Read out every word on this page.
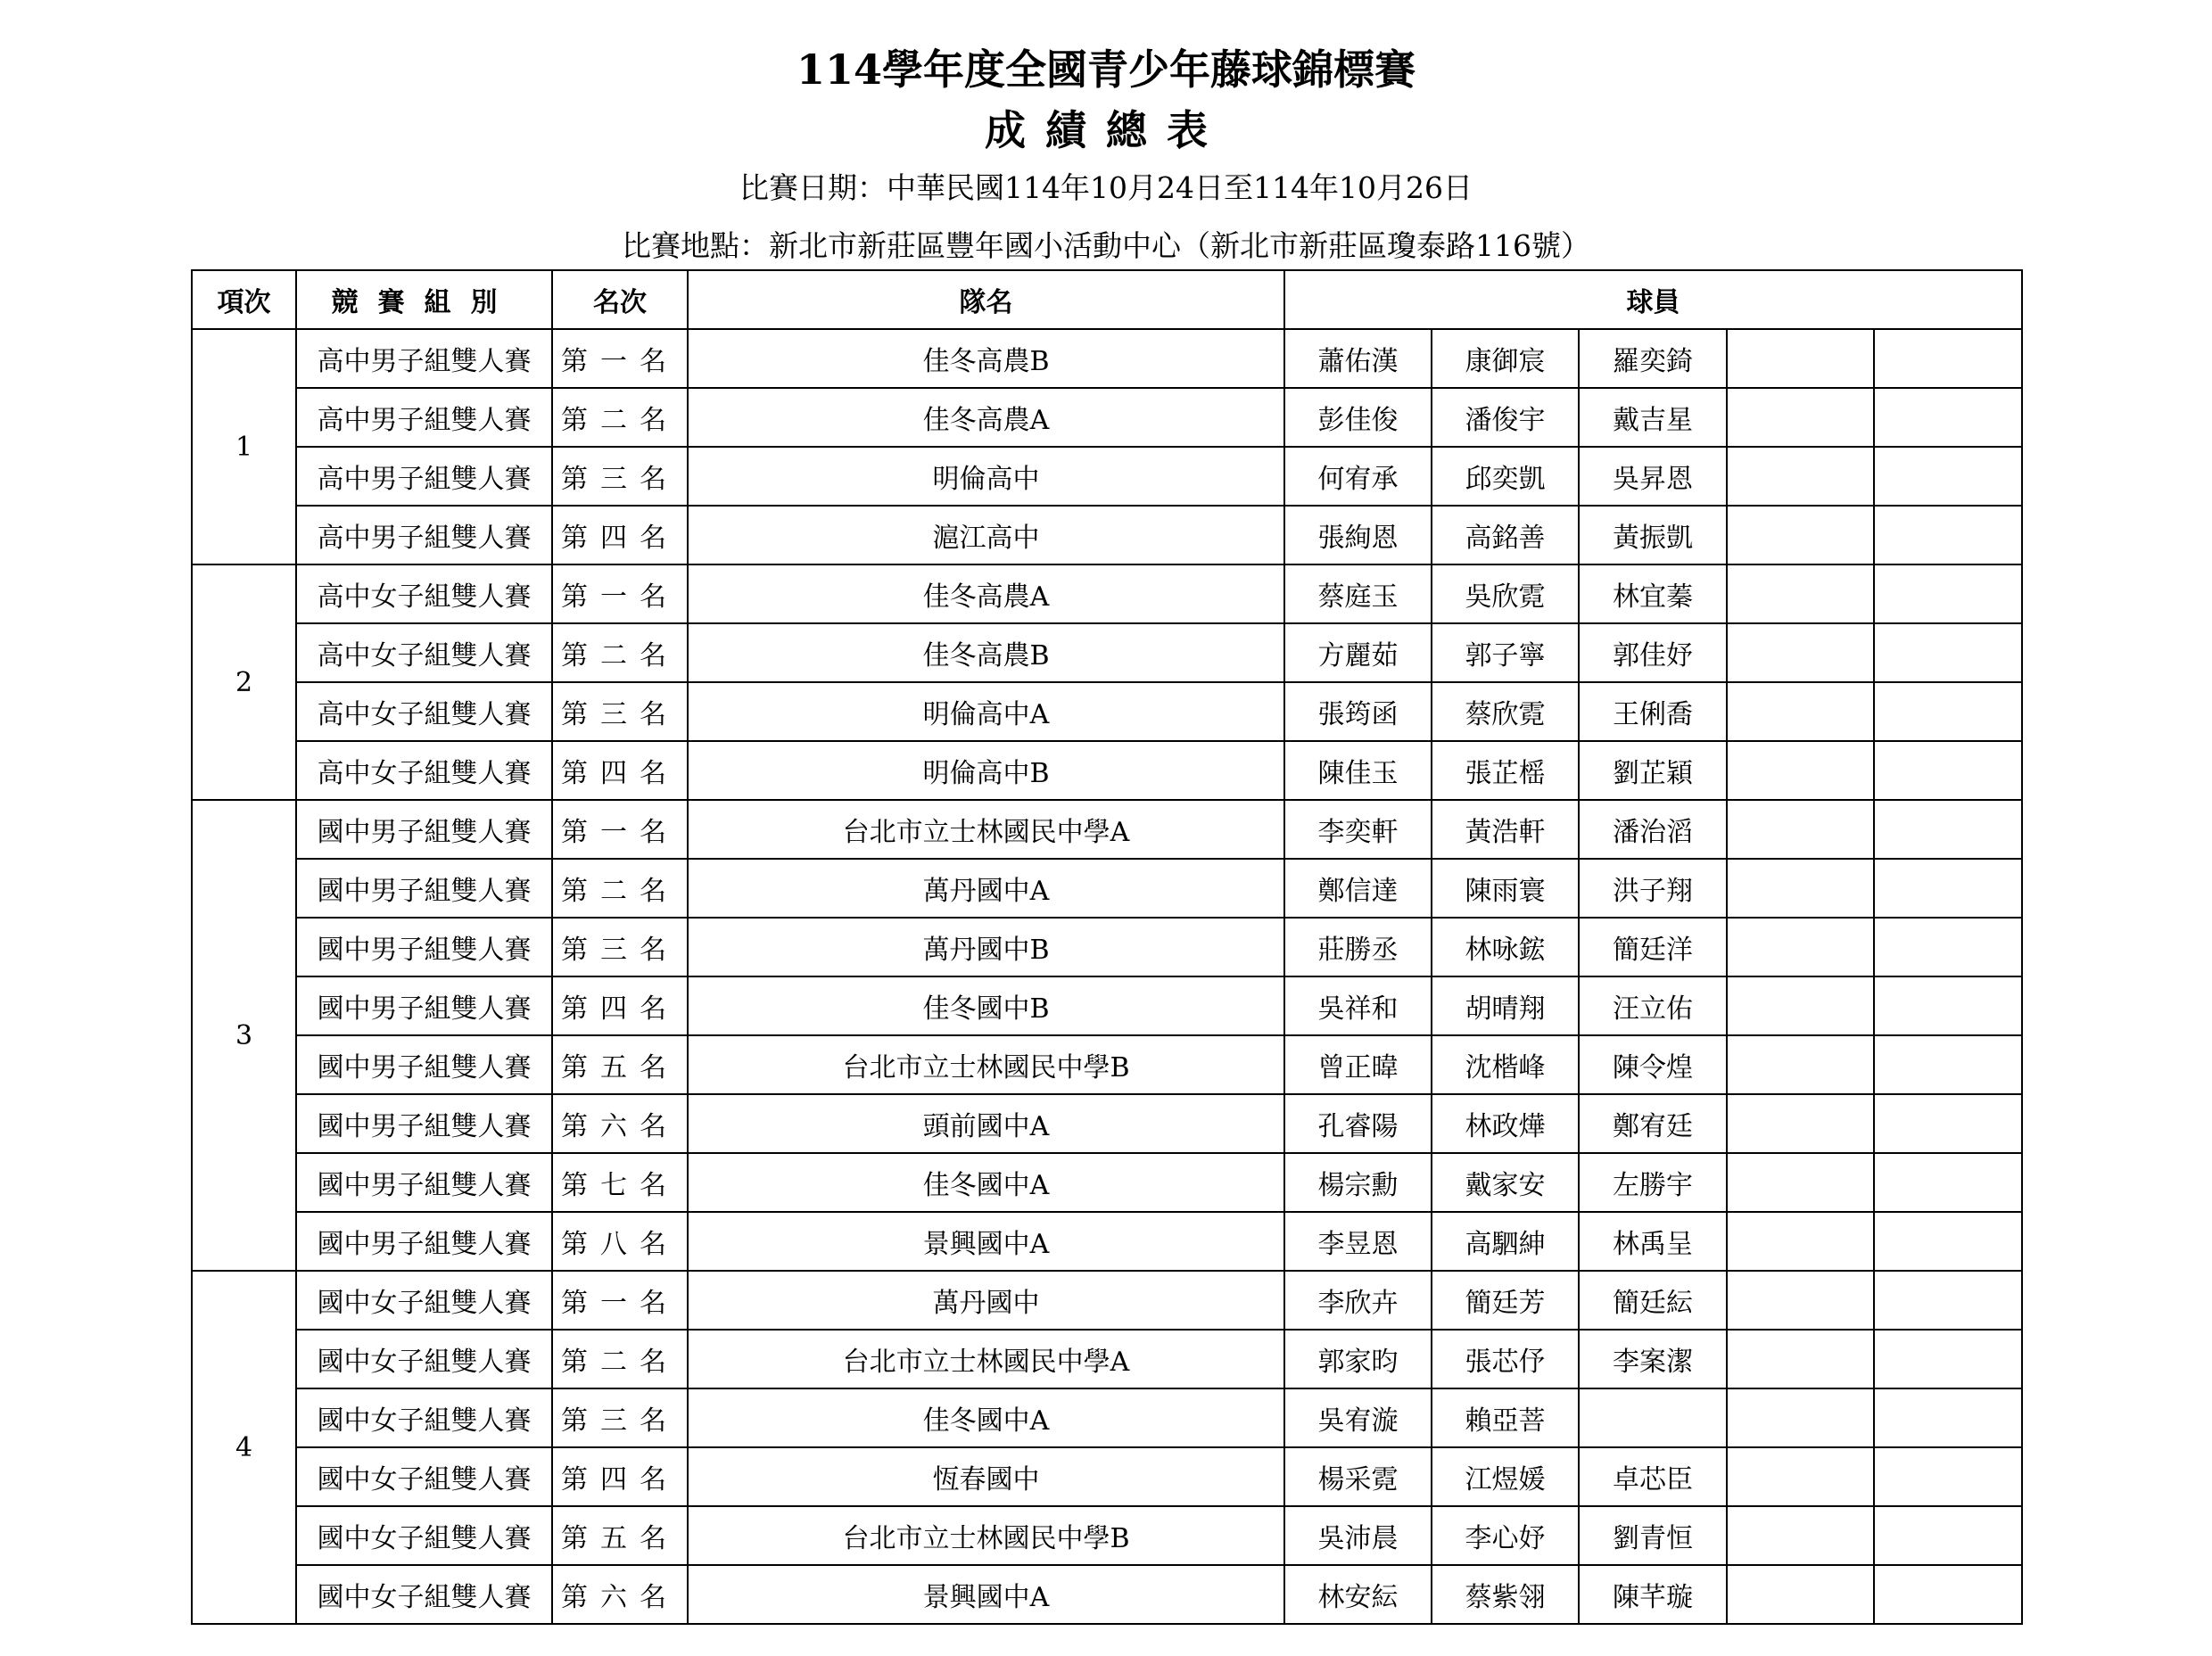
114學年度全國青少年藤球錦標賽
成績總表
比賽日期：中華民國114年10月24日至114年10月26日
比賽地點：新北市新莊區豐年國小活動中心（新北市新莊區瓊泰路116號）
項次	競賽組別	名次	隊名	球員				
1	高中男子組雙人賽	第一名	佳冬高農B	蕭佑漢	康御宸	羅奕錡		
	高中男子組雙人賽	第二名	佳冬高農A	彭佳俊	潘俊宇	戴吉星		
	高中男子組雙人賽	第三名	明倫高中	何宥承	邱奕凱	吳昇恩		
	高中男子組雙人賽	第四名	滬江高中	張絢恩	高銘善	黃振凱		
2	高中女子組雙人賽	第一名	佳冬高農A	蔡庭玉	吳欣霓	林宜蓁		
	高中女子組雙人賽	第二名	佳冬高農B	方麗茹	郭子寧	郭佳妤		
	高中女子組雙人賽	第三名	明倫高中A	張筠函	蔡欣霓	王俐喬		
	高中女子組雙人賽	第四名	明倫高中B	陳佳玉	張芷榣	劉芷穎		
3	國中男子組雙人賽	第一名	台北市立士林國民中學A	李奕軒	黃浩軒	潘治滔		
	國中男子組雙人賽	第二名	萬丹國中A	鄭信達	陳雨寰	洪子翔		
	國中男子組雙人賽	第三名	萬丹國中B	莊勝丞	林咏鋐	簡廷洋		
	國中男子組雙人賽	第四名	佳冬國中B	吳祥和	胡晴翔	汪立佑		
	國中男子組雙人賽	第五名	台北市立士林國民中學B	曾正暐	沈楷峰	陳令煌		
	國中男子組雙人賽	第六名	頭前國中A	孔睿陽	林政燁	鄭宥廷		
	國中男子組雙人賽	第七名	佳冬國中A	楊宗勳	戴家安	左勝宇		
	國中男子組雙人賽	第八名	景興國中A	李昱恩	高駟紳	林禹呈		
4	國中女子組雙人賽	第一名	萬丹國中	李欣卉	簡廷芳	簡廷紜		
	國中女子組雙人賽	第二名	台北市立士林國民中學A	郭家昀	張芯伃	李案潔		
	國中女子組雙人賽	第三名	佳冬國中A	吳宥漩	賴亞菩			
	國中女子組雙人賽	第四名	恆春國中	楊采霓	江煜媛	卓芯臣		
	國中女子組雙人賽	第五名	台北市立士林國民中學B	吳沛晨	李心妤	劉青恒		
	國中女子組雙人賽	第六名	景興國中A	林安紜	蔡紫翎	陳芊璇		
